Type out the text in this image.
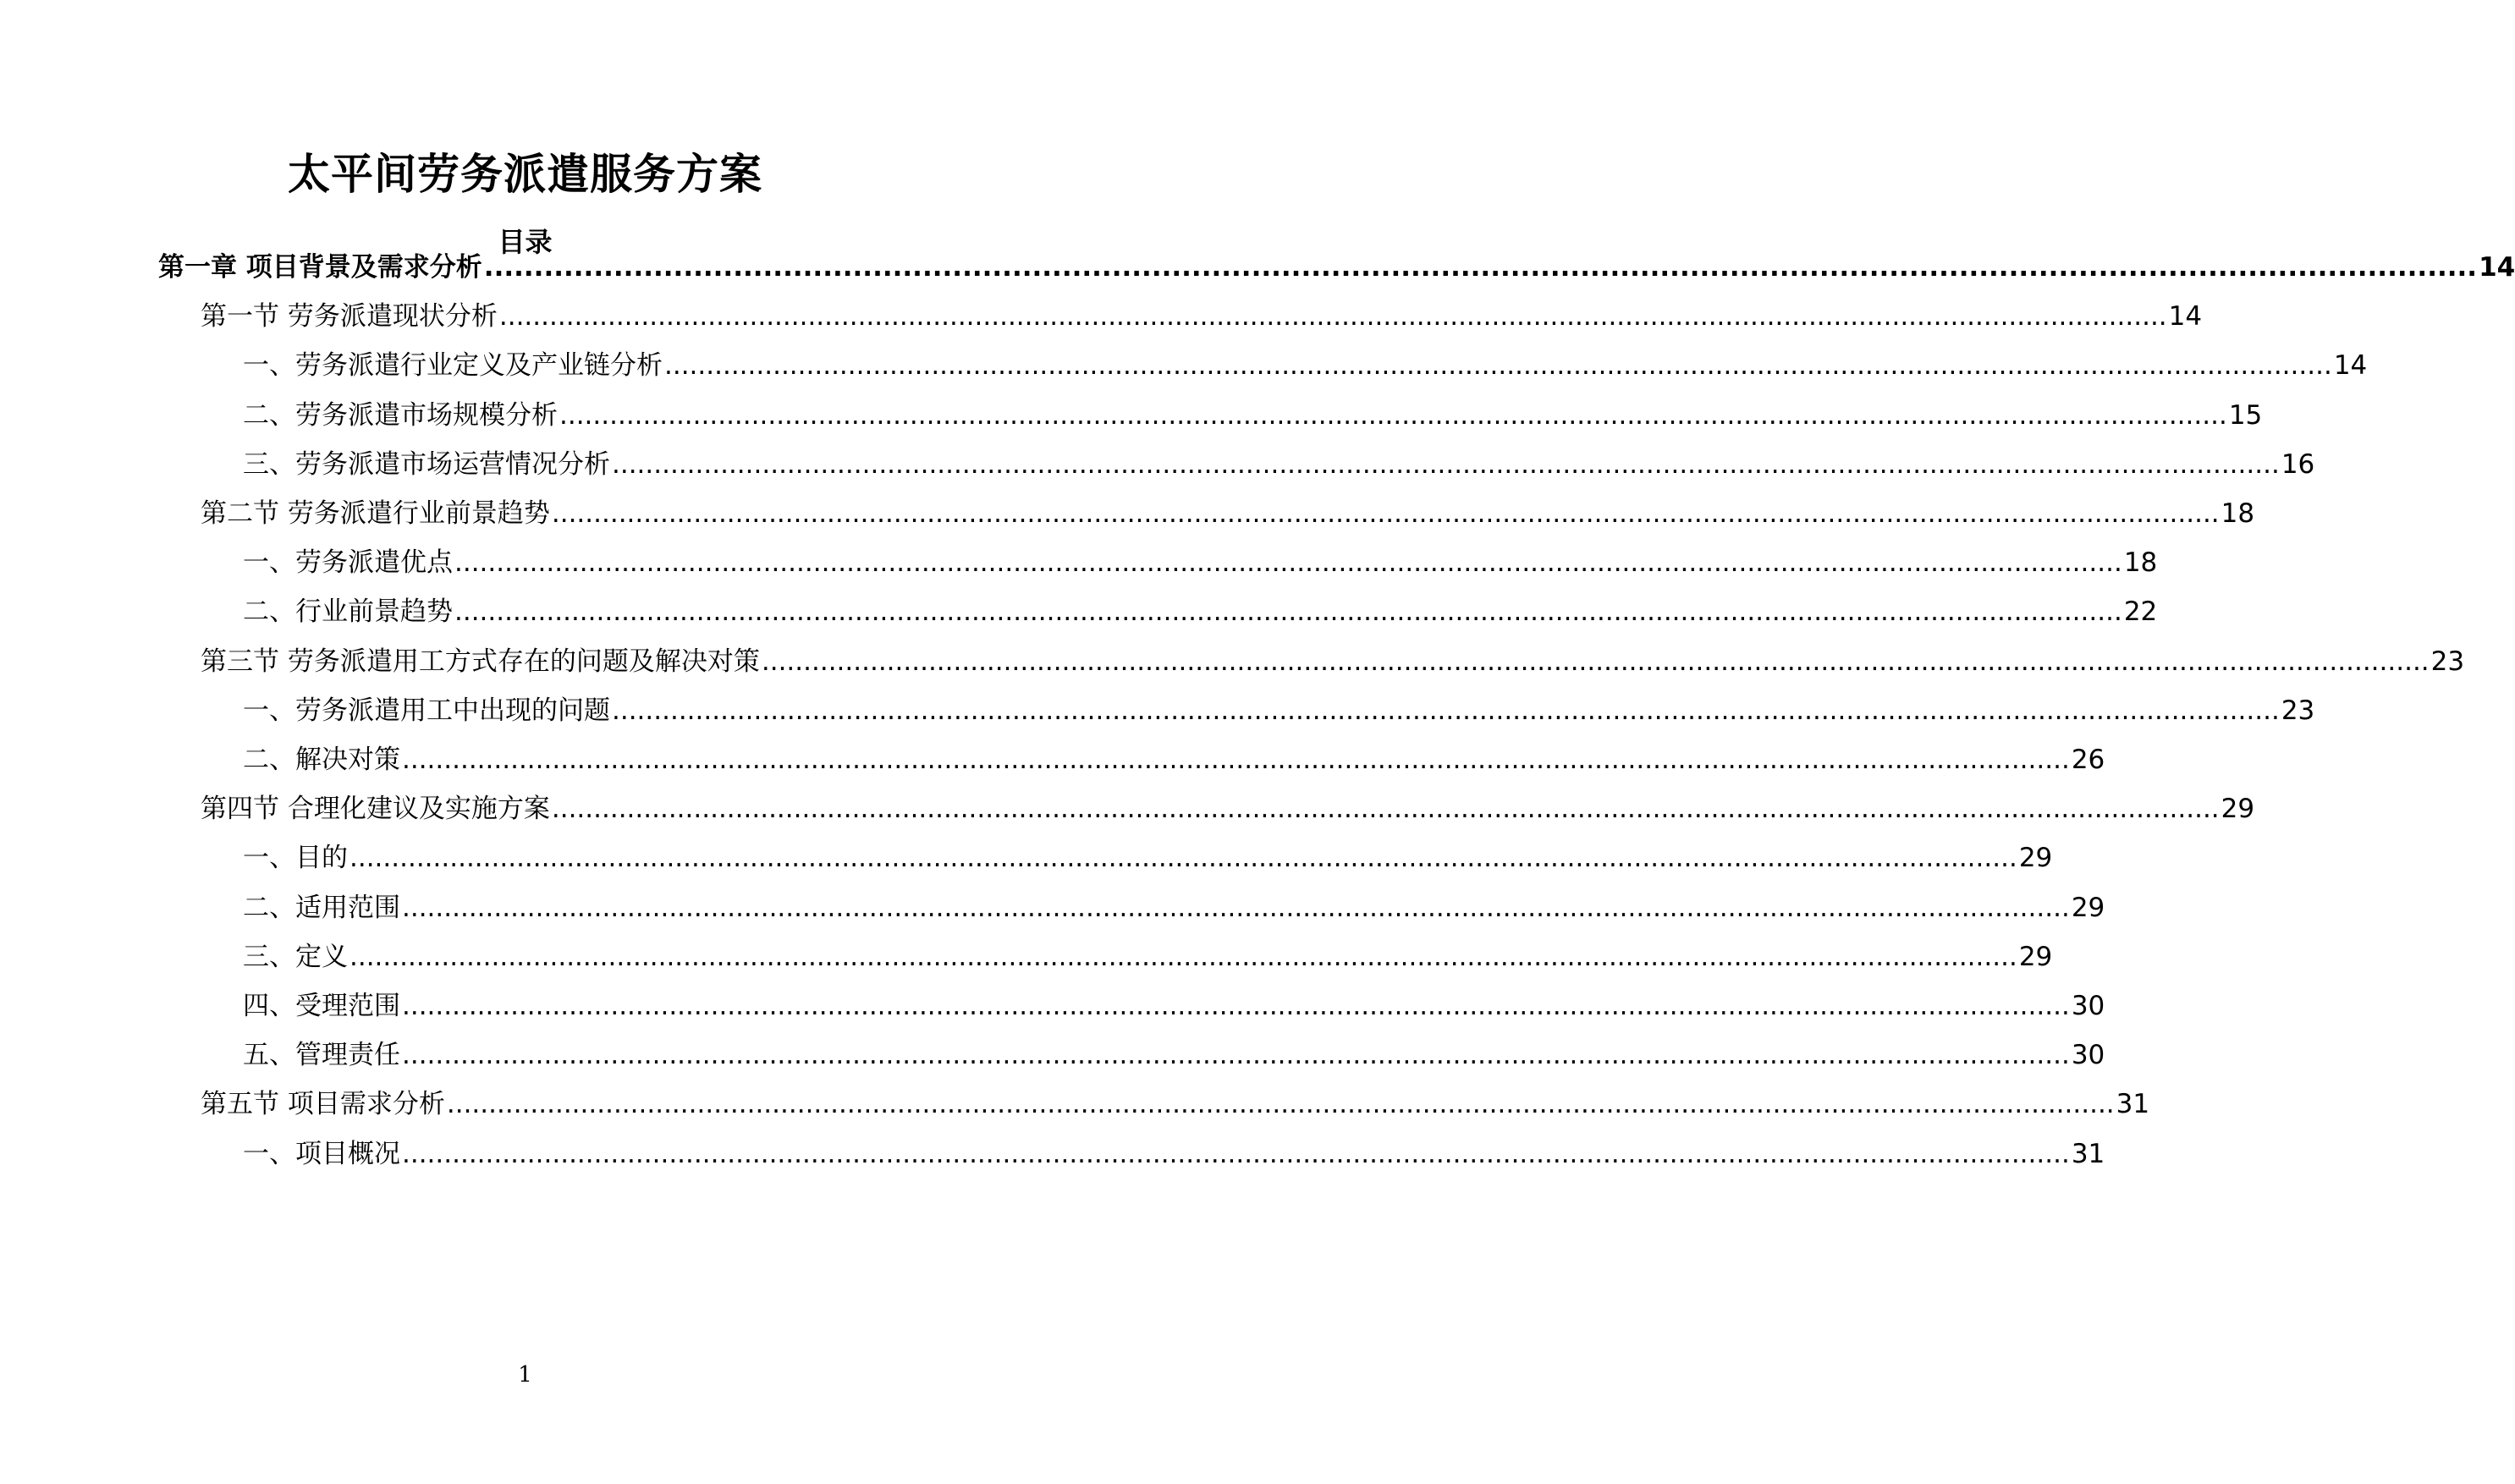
太平间劳务派遣服务方案
目录
第一章 项目背景及需求分析 ........................................................................................................................................................................................................ 14
第一节 劳务派遣现状分析 ........................................................................................................................................................................................................ 14
一、劳务派遣行业定义及产业链分析 ........................................................................................................................................................................................................ 14
二、劳务派遣市场规模分析 ........................................................................................................................................................................................................ 15
三、劳务派遣市场运营情况分析 ........................................................................................................................................................................................................ 16
第二节 劳务派遣行业前景趋势 ........................................................................................................................................................................................................ 18
一、劳务派遣优点 ........................................................................................................................................................................................................ 18
二、行业前景趋势 ........................................................................................................................................................................................................ 22
第三节 劳务派遣用工方式存在的问题及解决对策 ........................................................................................................................................................................................................ 23
一、劳务派遣用工中出现的问题 ........................................................................................................................................................................................................ 23
二、解决对策 ........................................................................................................................................................................................................ 26
第四节 合理化建议及实施方案 ........................................................................................................................................................................................................ 29
一、目的 ........................................................................................................................................................................................................ 29
二、适用范围 ........................................................................................................................................................................................................ 29
三、定义 ........................................................................................................................................................................................................ 29
四、受理范围 ........................................................................................................................................................................................................ 30
五、管理责任 ........................................................................................................................................................................................................ 30
第五节 项目需求分析 ........................................................................................................................................................................................................ 31
一、项目概况 ........................................................................................................................................................................................................ 31
1
